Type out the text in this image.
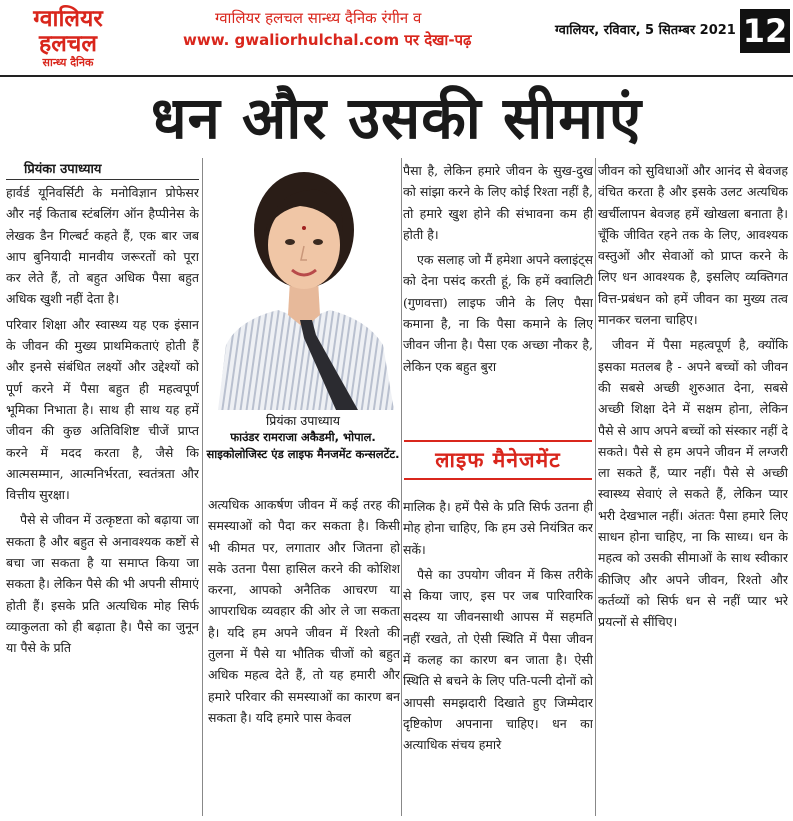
ग्वालियर
हलचल
सान्ध्य दैनिक
ग्वालियर हलचल सान्ध्य दैनिक रंगीन व
www. gwaliorhulchal.com पर देखा-पढ़
ग्वालियर, रविवार, 5 सितम्बर 2021 12
धन और उसकी सीमाएं
प्रियंका उपाध्याय

हार्वर्ड यूनिवर्सिटी के मनोविज्ञान प्रोफेसर और नई किताब स्टंबलिंग ऑन हैप्पीनेस के लेखक डैन गिल्बर्ट कहते हैं, एक बार जब आप बुनियादी मानवीय जरूरतों को पूरा कर लेते हैं, तो बहुत अधिक पैसा बहुत अधिक खुशी नहीं देता है।

परिवार शिक्षा और स्वास्थ्य यह एक इंसान के जीवन की मुख्य प्राथमिकताएं होती हैं और इनसे संबंधित लक्ष्यों और उद्देश्यों को पूर्ण करने में पैसा बहुत ही महत्वपूर्ण भूमिका निभाता है। साथ ही साथ यह हमें जीवन की कुछ अतिविशिष्ट चीजें प्राप्त करने में मदद करता है, जैसे कि आत्मसम्मान, आत्मनिर्भरता, स्वतंत्रता और वित्तीय सुरक्षा।

पैसे से जीवन में उत्कृष्टता को बढ़ाया जा सकता है और बहुत से अनावश्यक कष्टों से बचा जा सकता है या समाप्त किया जा सकता है। लेकिन पैसे की भी अपनी सीमाएं होती हैं। इसके प्रति अत्यधिक मोह सिर्फ व्याकुलता को ही बढ़ाता है। पैसे का जुनून या पैसे के प्रति

प्रियंका उपाध्याय
फाउंडर रामराजा अकैडमी, भोपाल.
साइकोलोजिस्ट एंड लाइफ मैनजमेंट कन्सलटेंट.

अत्यधिक आकर्षण जीवन में कई तरह की समस्याओं को पैदा कर सकता है। किसी भी कीमत पर, लगातार और जितना हो सके उतना पैसा हासिल करने की कोशिश करना, आपको अनैतिक आचरण या आपराधिक व्यवहार की ओर ले जा सकता है। यदि हम अपने जीवन में रिश्तो की तुलना में पैसे या भौतिक चीजों को बहुत अधिक महत्व देते हैं, तो यह हमारी और हमारे परिवार की समस्याओं का कारण बन सकता है। यदि हमारे पास केवल

पैसा है, लेकिन हमारे जीवन के सुख-दुख को सांझा करने के लिए कोई रिश्ता नहीं है, तो हमारे खुश होने की संभावना कम ही होती है।

एक सलाह जो मैं हमेशा अपने क्लाइंट्स को देना पसंद करती हूं, कि हमें क्वालिटी (गुणवत्ता) लाइफ जीने के लिए पैसा कमाना है, ना कि पैसा कमाने के लिए जीवन जीना है। पैसा एक अच्छा नौकर है, लेकिन एक बहुत बुरा

लाइफ मैनेजमेंट

मालिक है। हमें पैसे के प्रति सिर्फ उतना ही मोह होना चाहिए, कि हम उसे नियंत्रित कर सकें।

पैसे का उपयोग जीवन में किस तरीके से किया जाए, इस पर जब पारिवारिक सदस्य या जीवनसाथी आपस में सहमति नहीं रखते, तो ऐसी स्थिति में पैसा जीवन में कलह का कारण बन जाता है। ऐसी स्थिति से बचने के लिए पति-पत्नी दोनों को आपसी समझदारी दिखाते हुए जिम्मेदार दृष्टिकोण अपनाना चाहिए। धन का अत्याधिक संचय हमारे

जीवन को सुविधाओं और आनंद से बेवजह वंचित करता है और इसके उलट अत्यधिक खर्चीलापन बेवजह हमें खोखला बनाता है। चूँकि जीवित रहने तक के लिए, आवश्यक वस्तुओं और सेवाओं को प्राप्त करने के लिए धन आवश्यक है, इसलिए व्यक्तिगत वित्त-प्रबंधन को हमें जीवन का मुख्य तत्व मानकर चलना चाहिए।

जीवन में पैसा महत्वपूर्ण है, क्योंकि इसका मतलब है - अपने बच्चों को जीवन की सबसे अच्छी शुरुआत देना, सबसे अच्छी शिक्षा देने में सक्षम होना, लेकिन पैसे से आप अपने बच्चों को संस्कार नहीं दे सकते। पैसे से हम अपने जीवन में लग्जरी ला सकते हैं, प्यार नहीं। पैसे से अच्छी स्वास्थ्य सेवाएं ले सकते हैं, लेकिन प्यार भरी देखभाल नहीं। अंततः पैसा हमारे लिए साधन होना चाहिए, ना कि साध्य। धन के महत्व को उसकी सीमाओं के साथ स्वीकार कीजिए और अपने जीवन, रिश्तो और कर्तव्यों को सिर्फ धन से नहीं प्यार भरे प्रयत्नों से सींचिए।
